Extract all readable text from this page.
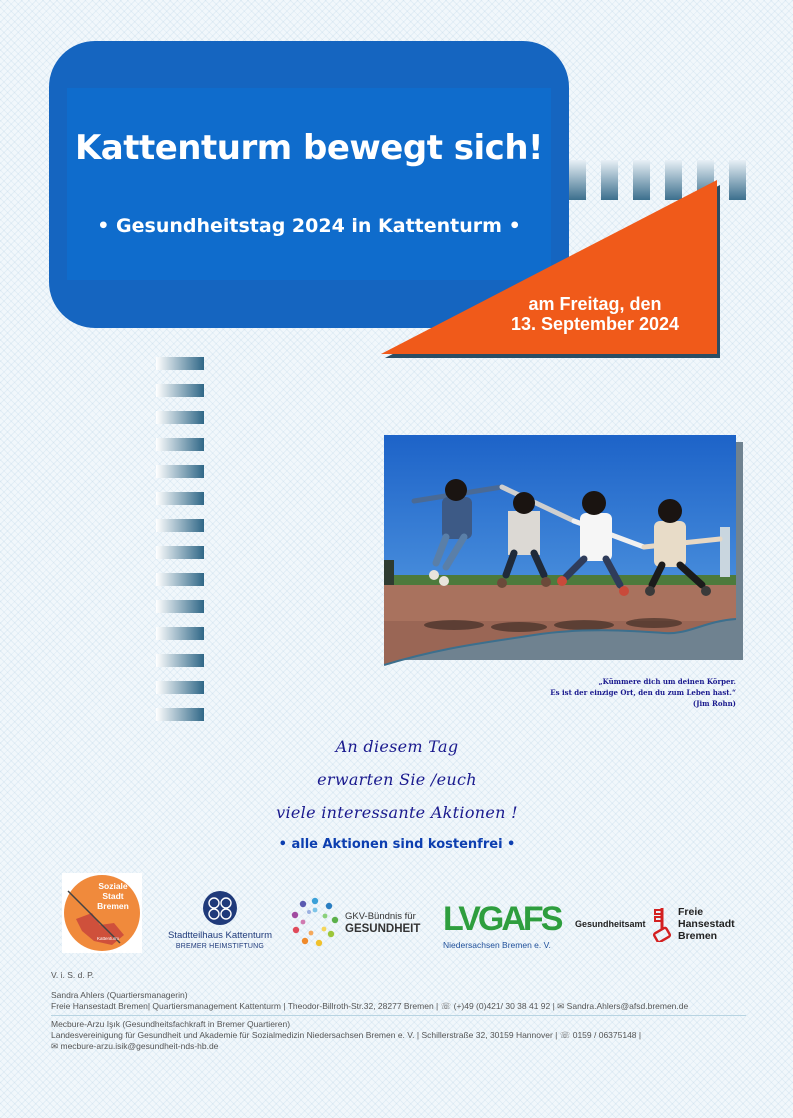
Kattenturm bewegt sich!
• Gesundheitstag 2024 in Kattenturm •
am Freitag, den
13. September 2024
„Kümmere dich um deinen Körper.
Es ist der einzige Ort, den du zum Leben hast.“
(Jim Rohn)
An diesem Tag
erwarten Sie /euch
viele interessante Aktionen !
• alle Aktionen sind kostenfrei •
Soziale
Stadt
Bremen
Kattenturm	Stadtteilhaus Kattenturm
BREMER HEIMSTIFTUNG
GKV-Bündnis für
GESUNDHEIT LVGAFS
Niedersachsen Bremen e. V.
Gesundheitsamt
Freie
Hansestadt
Bremen
V. i. S. d. P.
Sandra Ahlers (Quartiersmanagerin)
Freie Hansestadt Bremen| Quartiersmanagement Kattenturm | Theodor-Billroth-Str.32, 28277 Bremen | ☏ (+)49 (0)421/ 30 38 41 92 | ✉ Sandra.Ahlers@afsd.bremen.de
Mecbure-Arzu Işık (Gesundheitsfachkraft in Bremer Quartieren)
Landesvereinigung für Gesundheit und Akademie für Sozialmedizin Niedersachsen Bremen e. V. | Schillerstraße 32, 30159 Hannover | ☏ 0159 / 06375148 |
✉ mecbure-arzu.isik@gesundheit-nds-hb.de
